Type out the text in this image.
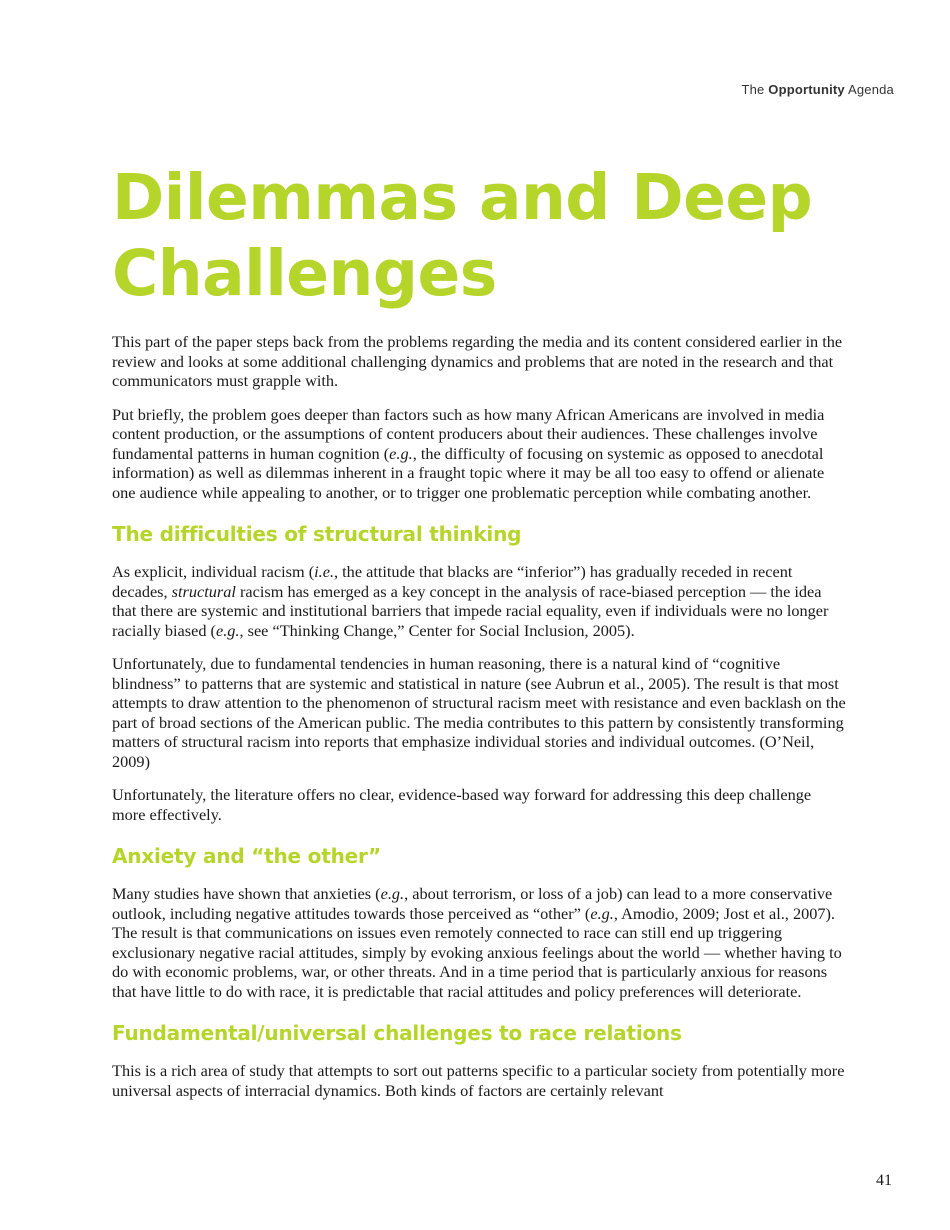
The Opportunity Agenda
Dilemmas and Deep
Challenges

This part of the paper steps back from the problems regarding the media and its content considered earlier in the review and looks at some additional challenging dynamics and problems that are noted in the research and that communicators must grapple with.

Put briefly, the problem goes deeper than factors such as how many African Americans are involved in media content production, or the assumptions of content producers about their audiences. These challenges involve fundamental patterns in human cognition (e.g., the difficulty of focusing on systemic as opposed to anecdotal information) as well as dilemmas inherent in a fraught topic where it may be all too easy to offend or alienate one audience while appealing to another, or to trigger one problematic perception while combating another.

The difficulties of structural thinking

As explicit, individual racism (i.e., the attitude that blacks are “inferior”) has gradually receded in recent decades, structural racism has emerged as a key concept in the analysis of race-biased perception — the idea that there are systemic and institutional barriers that impede racial equality, even if individuals were no longer racially biased (e.g., see “Thinking Change,” Center for Social Inclusion, 2005).

Unfortunately, due to fundamental tendencies in human reasoning, there is a natural kind of “cognitive blindness” to patterns that are systemic and statistical in nature (see Aubrun et al., 2005). The result is that most attempts to draw attention to the phenomenon of structural racism meet with resistance and even backlash on the part of broad sections of the American public. The media contributes to this pattern by consistently transforming matters of structural racism into reports that emphasize individual stories and individual outcomes. (O’Neil, 2009)

Unfortunately, the literature offers no clear, evidence-based way forward for addressing this deep challenge more effectively.

Anxiety and “the other”

Many studies have shown that anxieties (e.g., about terrorism, or loss of a job) can lead to a more conservative outlook, including negative attitudes towards those perceived as “other” (e.g., Amodio, 2009; Jost et al., 2007). The result is that communications on issues even remotely connected to race can still end up triggering exclusionary negative racial attitudes, simply by evoking anxious feelings about the world — whether having to do with economic problems, war, or other threats. And in a time period that is particularly anxious for reasons that have little to do with race, it is predictable that racial attitudes and policy preferences will deteriorate.

Fundamental/universal challenges to race relations

This is a rich area of study that attempts to sort out patterns specific to a particular society from potentially more universal aspects of interracial dynamics. Both kinds of factors are certainly relevant

41
